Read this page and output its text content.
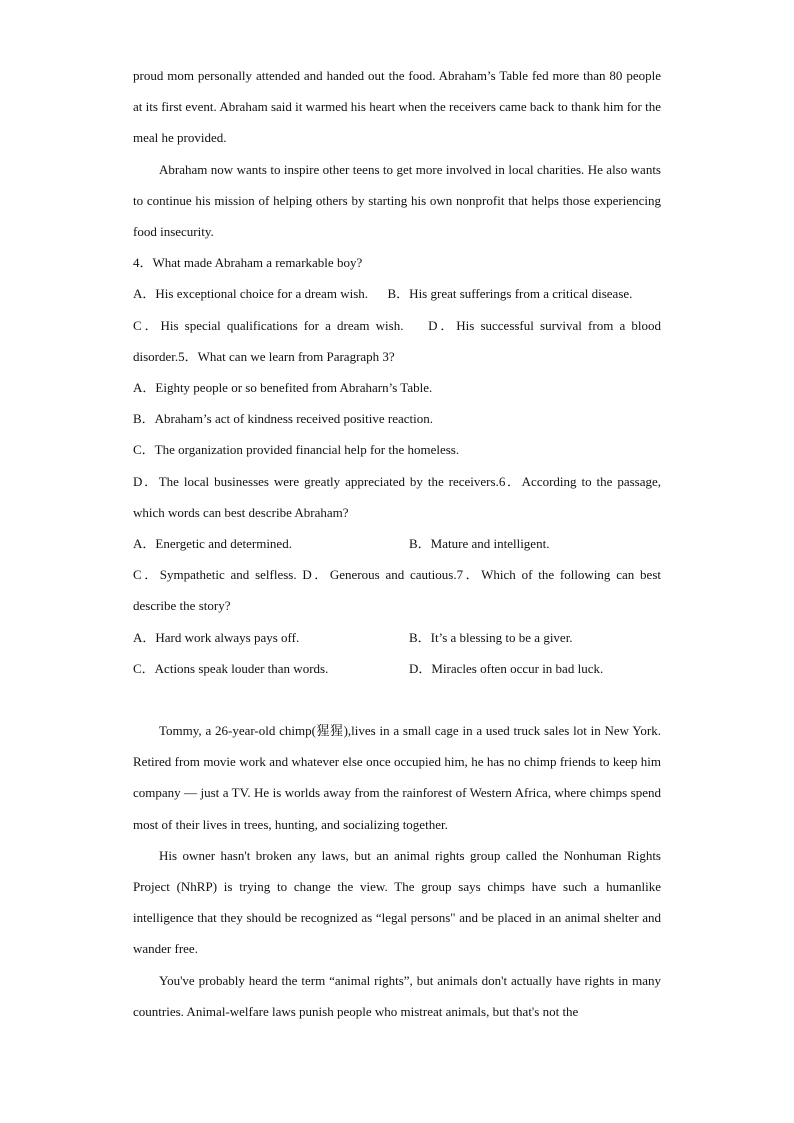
proud mom personally attended and handed out the food. Abraham’s Table fed more than 80 people at its first event. Abraham said it warmed his heart when the receivers came back to thank him for the meal he provided.

Abraham now wants to inspire other teens to get more involved in local charities. He also wants to continue his mission of helping others by starting his own nonprofit that helps those experiencing food insecurity.

4．What made Abraham a remarkable boy?

A．His exceptional choice for a dream wish. B．His great sufferings from a critical disease.

C．His special qualifications for a dream wish. D．His successful survival from a blood disorder.5．What can we learn from Paragraph 3?

A．Eighty people or so benefited from Abraharn’s Table.

B．Abraham’s act of kindness received positive reaction.

C．The organization provided financial help for the homeless.

D．The local businesses were greatly appreciated by the receivers.6．According to the passage, which words can best describe Abraham?

A．Energetic and determined.	B．Mature and intelligent.

C．Sympathetic and selfless. D．Generous and cautious.7．Which of the following can best describe the story?

A．Hard work always pays off.	B．It’s a blessing to be a giver.
C．Actions speak louder than words.	D．Miracles often occur in bad luck.

Tommy, a 26-year-old chimp(猩猩),lives in a small cage in a used truck sales lot in New York. Retired from movie work and whatever else once occupied him, he has no chimp friends to keep him company — just a TV. He is worlds away from the rainforest of Western Africa, where chimps spend most of their lives in trees, hunting, and socializing together.

His owner hasn't broken any laws, but an animal rights group called the Nonhuman Rights Project (NhRP) is trying to change the view. The group says chimps have such a humanlike intelligence that they should be recognized as “legal persons" and be placed in an animal shelter and wander free.

You've probably heard the term “animal rights”, but animals don't actually have rights in many countries. Animal-welfare laws punish people who mistreat animals, but that's not the
